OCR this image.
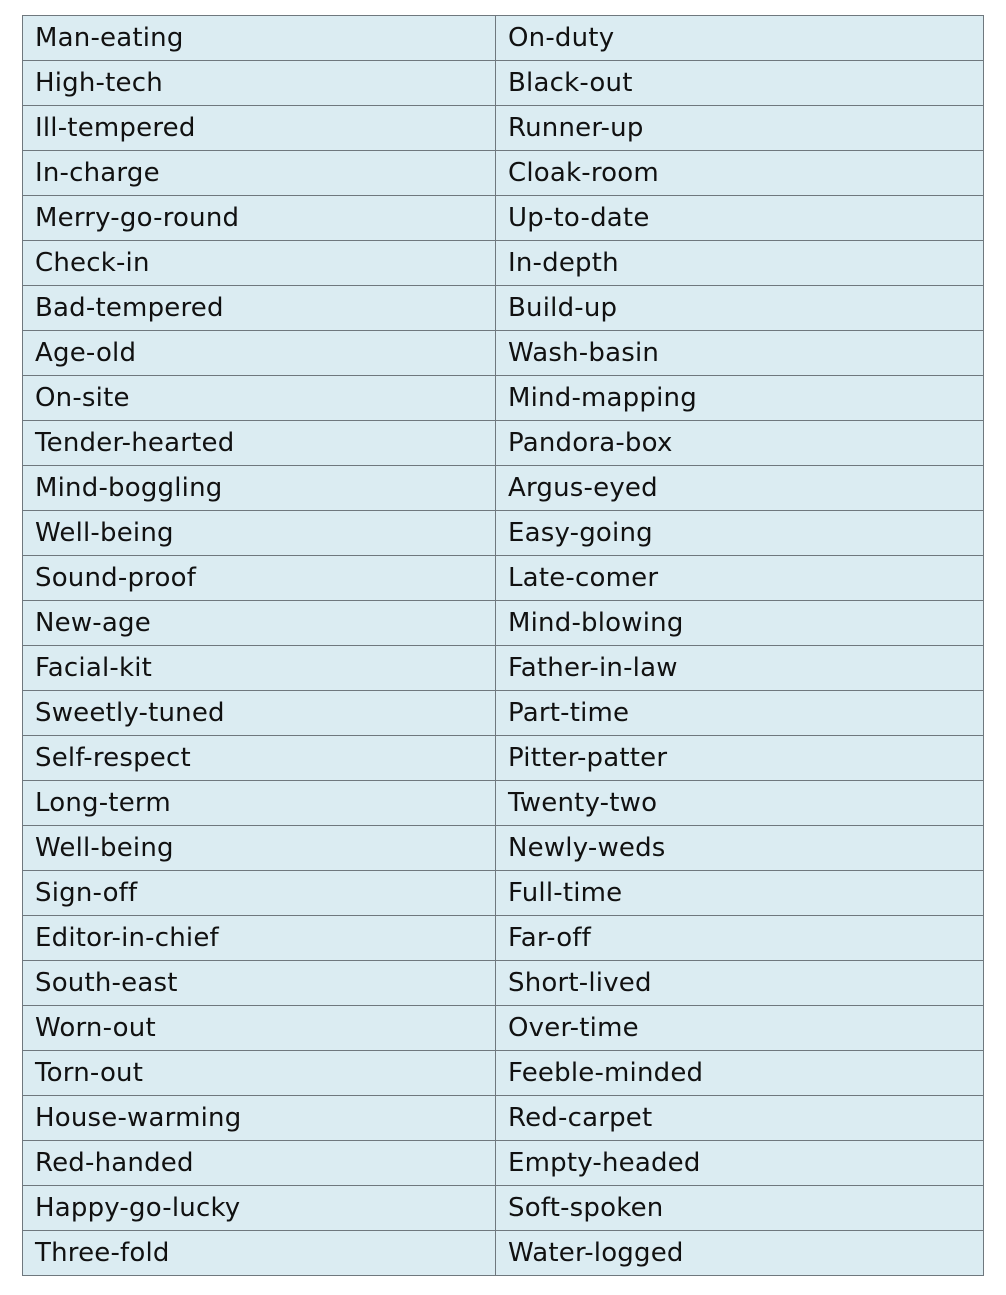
Man-eating	On-duty
High-tech	Black-out
Ill-tempered	Runner-up
In-charge	Cloak-room
Merry-go-round	Up-to-date
Check-in	In-depth
Bad-tempered	Build-up
Age-old	Wash-basin
On-site	Mind-mapping
Tender-hearted	Pandora-box
Mind-boggling	Argus-eyed
Well-being	Easy-going
Sound-proof	Late-comer
New-age	Mind-blowing
Facial-kit	Father-in-law
Sweetly-tuned	Part-time
Self-respect	Pitter-patter
Long-term	Twenty-two
Well-being	Newly-weds
Sign-off	Full-time
Editor-in-chief	Far-off
South-east	Short-lived
Worn-out	Over-time
Torn-out	Feeble-minded
House-warming	Red-carpet
Red-handed	Empty-headed
Happy-go-lucky	Soft-spoken
Three-fold	Water-logged
